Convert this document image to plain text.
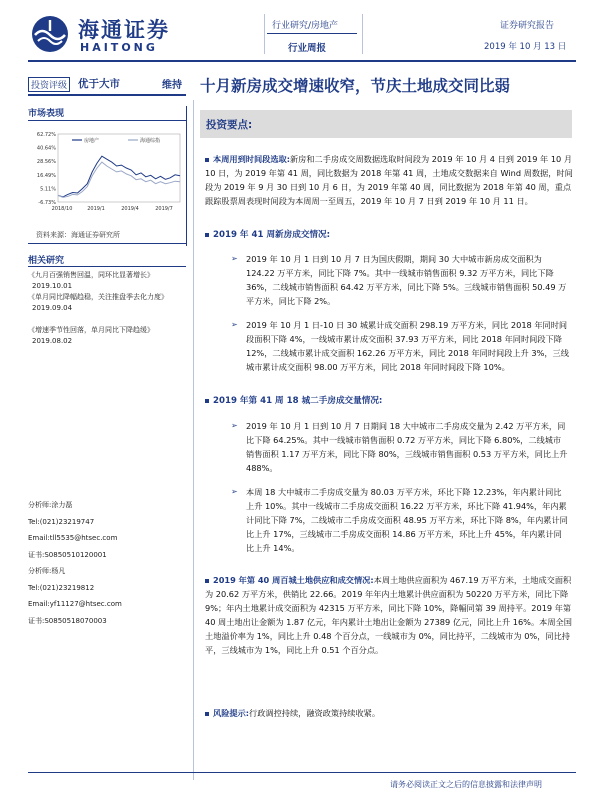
海通证券
HAITONG
行业研究/房地产
行业周报
证券研究报告
2019 年 10 月 13 日
投资评级 优于大市	维持 十月新房成交增速收窄，节庆土地成交同比弱
市场表现
62.72%
40.64%
28.56%
16.49%
5.11%
-6.73%
2018/10	2019/1	2019/4	2019/7
房地产	海通综指
资料来源：海通证券研究所
相关研究
《九月百强销售回温，同环比显著增长》
2019.10.01
《单月同比降幅趋稳，关注推盘季去化力度》
2019.09.04
《增速季节性回落，单月同比下降趋缓》
2019.08.02
分析师:涂力磊
Tel:(021)23219747
Email:tll5535@htsec.com
证书:S0850510120001
分析师:杨凡
Tel:(021)23219812
Email:yf11127@htsec.com
证书:S0850518070003
投资要点:
本周用到时间段选取:新房和二手房成交周数据选取时间段为 2019 年 10 月 4 日到 2019 年 10 月 10 日，为 2019 年第 41 周，同比数据为 2018 年第 41 周，土地成交数据来自 Wind 周数据，时间段为 2019 年 9 月 30 日到 10 月 6 日，为 2019 年第 40 周，同比数据为 2018 年第 40 周，重点跟踪股票周表现时间段为本周周一至周五，2019 年 10 月 7 日到 2019 年 10 月 11 日。
2019 年 41 周新房成交情况:
➢ 2019 年 10 月 1 日到 10 月 7 日为国庆假期，期间 30 大中城市新房成交面积为 124.22 万平方米，同比下降 7%。其中一线城市销售面积 9.32 万平方米，同比下降 36%，二线城市销售面积 64.42 万平方米，同比下降 5%。三线城市销售面积 50.49 万平方米，同比下降 2%。
➢ 2019 年 10 月 1 日-10 日 30 城累计成交面积 298.19 万平方米，同比 2018 年同时间段面积下降 4%，一线城市累计成交面积 37.93 万平方米，同比 2018 年同时间段下降 12%，二线城市累计成交面积 162.26 万平方米，同比 2018 年同时间段上升 3%，三线城市累计成交面积 98.00 万平方米，同比 2018 年同时间段下降 10%。
2019 年第 41 周 18 城二手房成交量情况:
➢ 2019 年 10 月 1 日到 10 月 7 日期间 18 大中城市二手房成交量为 2.42 万平方米，同比下降 64.25%。其中一线城市销售面积 0.72 万平方米，同比下降 6.80%，二线城市销售面积 1.17 万平方米，同比下降 80%，三线城市销售面积 0.53 万平方米，同比上升 488%。
➢ 本周 18 大中城市二手房成交量为 80.03 万平方米，环比下降 12.23%，年内累计同比上升 10%。其中一线城市二手房成交面积 16.22 万平方米，环比下降 41.94%，年内累计同比下降 7%，二线城市二手房成交面积 48.95 万平方米，环比下降 8%，年内累计同比上升 17%，三线城市二手房成交面积 14.86 万平方米，环比上升 45%，年内累计同比上升 14%。
2019 年第 40 周百城土地供应和成交情况:本周土地供应面积为 467.19 万平方米，土地成交面积为 20.62 万平方米，供销比 22.66。2019 年年内土地累计供应面积为 50220 万平方米，同比下降 9%；年内土地累计成交面积为 42315 万平方米，同比下降 10%，降幅同第 39 周持平。2019 年第 40 周土地出让金额为 1.87 亿元，年内累计土地出让金额为 27389 亿元，同比上升 16%。本周全国土地溢价率为 1%，同比上升 0.48 个百分点，一线城市为 0%，同比持平，二线城市为 0%，同比持平，三线城市为 1%，同比上升 0.51 个百分点。
风险提示:行政调控持续，融资政策持续收紧。
请务必阅读正文之后的信息披露和法律声明
